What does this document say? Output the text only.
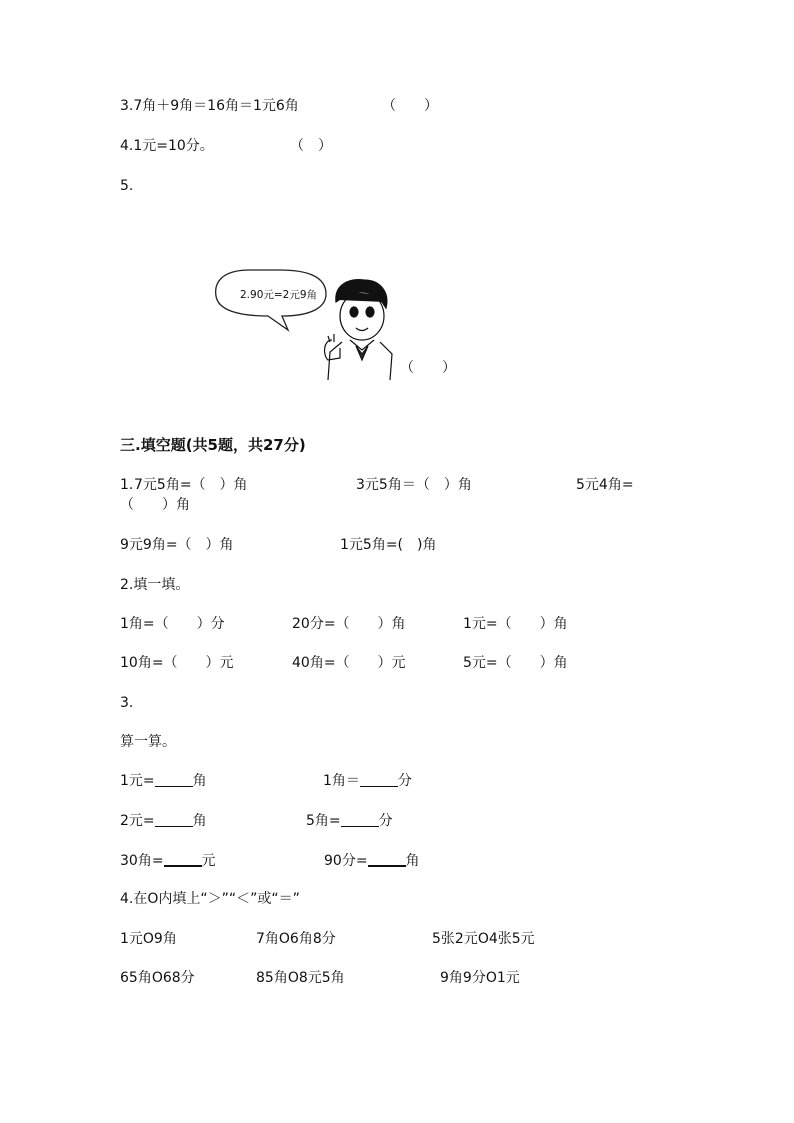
3.7角＋9角＝16角＝1元6角	（　　）
4.1元=10分。	（　）
5.
2.90元=2元9角
（　　）
三.填空题(共5题，共27分)
1. 7元5角=（　）角	3元5角＝（　）角	5元4角=
（　　）角
9元9角=（　）角	1元5角=(　)角
2.填一填。
1角=（　　）分	20分=（　　）角	1元=（　　）角
10角=（　　）元	40角=（　　）元	5元=（　　）角
3.
算一算。
1元=	角	1角＝	分
2元=	角	5角=	分
30角=	元	90分=	角
4.在O内填上“＞”“＜”或“＝”
1元O9角	7角O6角8分	5张2元O4张5元
65角O68分	85角O8元5角	9角9分O1元
